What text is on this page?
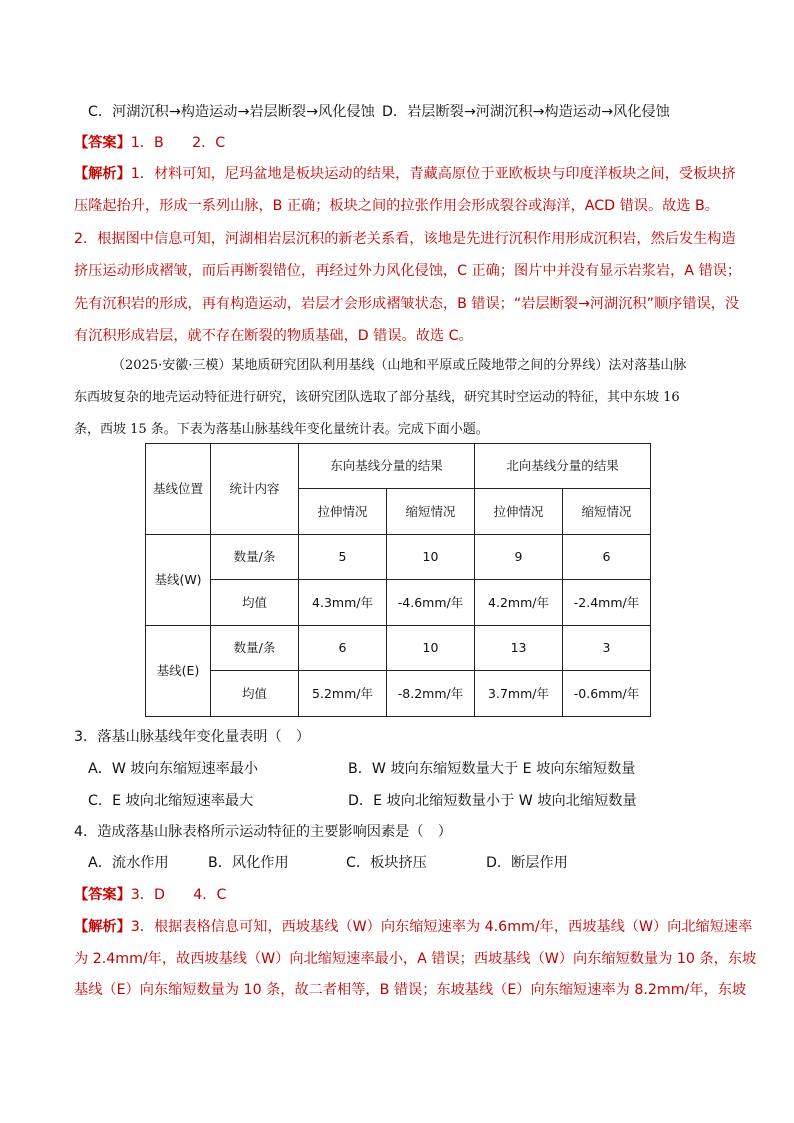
C．河湖沉积→构造运动→岩层断裂→风化侵蚀 D．岩层断裂→河湖沉积→构造运动→风化侵蚀
【答案】1．B　　2．C
【解析】1．材料可知，尼玛盆地是板块运动的结果，青藏高原位于亚欧板块与印度洋板块之间，受板块挤
压隆起抬升，形成一系列山脉，B 正确；板块之间的拉张作用会形成裂谷或海洋，ACD 错误。故选 B。
2．根据图中信息可知，河湖相岩层沉积的新老关系看，该地是先进行沉积作用形成沉积岩，然后发生构造
挤压运动形成褶皱，而后再断裂错位，再经过外力风化侵蚀，C 正确；图片中并没有显示岩浆岩，A 错误；
先有沉积岩的形成，再有构造运动，岩层才会形成褶皱状态，B 错误；“岩层断裂→河湖沉积”顺序错误，没
有沉积形成岩层，就不存在断裂的物质基础，D 错误。故选 C。
（2025·安徽·三模）某地质研究团队利用基线（山地和平原或丘陵地带之间的分界线）法对落基山脉
东西坡复杂的地壳运动特征进行研究，该研究团队选取了部分基线，研究其时空运动的特征，其中东坡 16
条，西坡 15 条。下表为落基山脉基线年变化量统计表。完成下面小题。
基线位置	统计内容	东向基线分量的结果		北向基线分量的结果	
		拉伸情况	缩短情况	拉伸情况	缩短情况
基线(W)	数量/条	5	10	9	6
	均值	4.3mm/年	-4.6mm/年	4.2mm/年	-2.4mm/年
基线(E)	数量/条	6	10	13	3
	均值	5.2mm/年	-8.2mm/年	3.7mm/年	-0.6mm/年
3．落基山脉基线年变化量表明（　）
A．W 坡向东缩短速率最小	B．W 坡向东缩短数量大于 E 坡向东缩短数量
C．E 坡向北缩短速率最大	D．E 坡向北缩短数量小于 W 坡向北缩短数量
4．造成落基山脉表格所示运动特征的主要影响因素是（　）
A．流水作用	B．风化作用	C．板块挤压	D．断层作用
【答案】3．D　　4．C
【解析】3．根据表格信息可知，西坡基线（W）向东缩短速率为 4.6mm/年，西坡基线（W）向北缩短速率
为 2.4mm/年，故西坡基线（W）向北缩短速率最小，A 错误；西坡基线（W）向东缩短数量为 10 条，东坡
基线（E）向东缩短数量为 10 条，故二者相等，B 错误；东坡基线（E）向东缩短速率为 8.2mm/年，东坡
